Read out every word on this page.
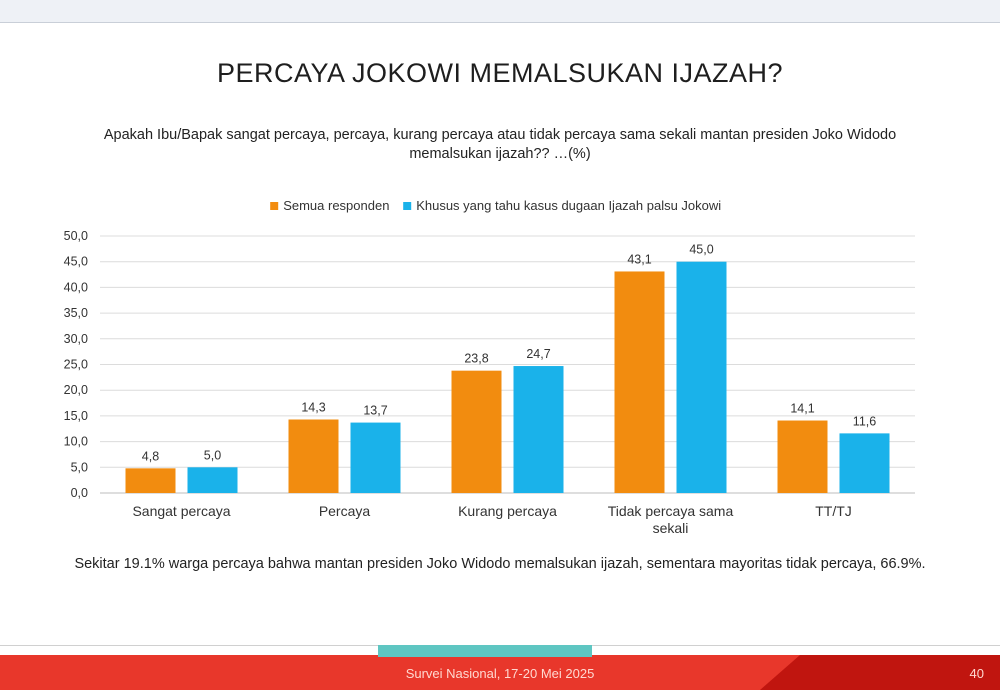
PERCAYA JOKOWI MEMALSUKAN IJAZAH?
Apakah Ibu/Bapak sangat percaya, percaya, kurang percaya atau tidak percaya sama sekali mantan presiden Joko Widodo memalsukan ijazah?? …(%)
0,0
5,0
10,0
15,0
20,0
25,0
30,0
35,0
40,0
45,0
50,0
4,8
14,3
23,8
43,1
14,1
5,0
13,7
24,7
45,0
11,6
Sangat percaya	Percaya	Kurang percaya	Tidak percaya sama
sekali
TT/TJ
Semua responden Khusus yang tahu kasus dugaan Ijazah palsu Jokowi
Sekitar 19.1% warga percaya bahwa mantan presiden Joko Widodo memalsukan ijazah, sementara mayoritas tidak percaya, 66.9%.
Survei Nasional, 17-20 Mei 2025	40
